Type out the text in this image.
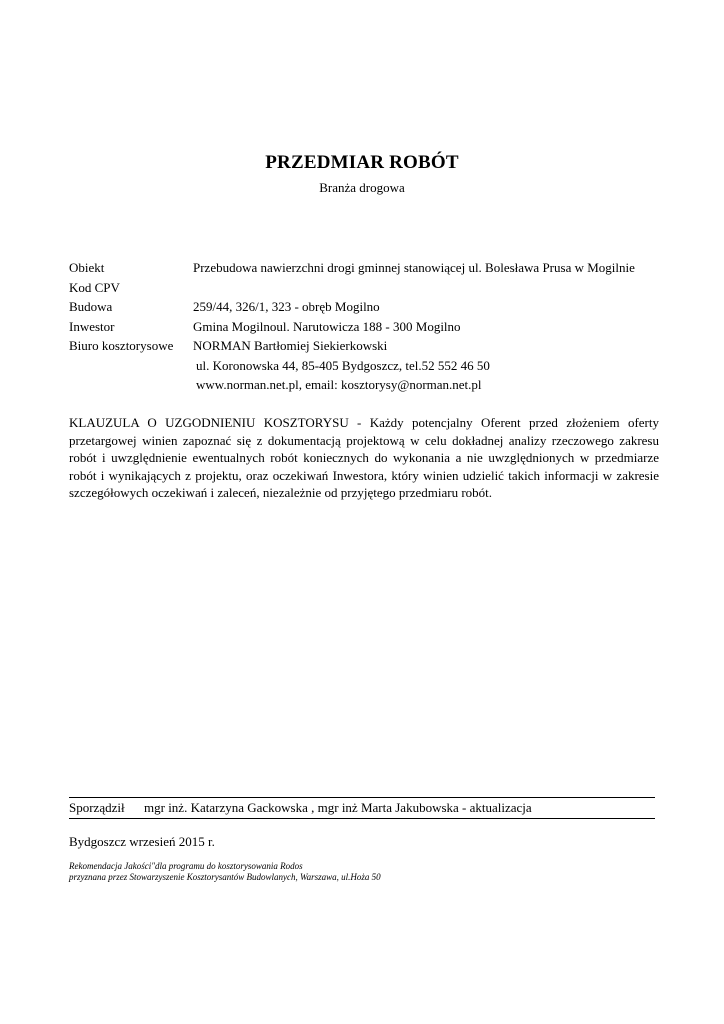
PRZEDMIAR ROBÓT
Branża drogowa
Obiekt	Przebudowa nawierzchni drogi gminnej stanowiącej ul. Bolesława Prusa w Mogilnie
Kod CPV
Budowa	259/44, 326/1, 323 - obręb Mogilno
Inwestor	Gmina Mogilnoul. Narutowicza 188 - 300 Mogilno
Biuro kosztorysowe	NORMAN Bartłomiej Siekierkowski
ul. Koronowska 44, 85-405 Bydgoszcz, tel.52 552 46 50
www.norman.net.pl, email: kosztorysy@norman.net.pl
KLAUZULA O UZGODNIENIU KOSZTORYSU - Każdy potencjalny Oferent przed złożeniem oferty przetargowej winien zapoznać się z dokumentacją projektową w celu dokładnej analizy rzeczowego zakresu robót i uwzględnienie ewentualnych robót koniecznych do wykonania a nie uwzględnionych w przedmiarze robót i wynikających z projektu, oraz oczekiwań Inwestora, który winien udzielić takich informacji w zakresie szczegółowych oczekiwań i zaleceń, niezależnie od przyjętego przedmiaru robót.
Sporządził mgr inż. Katarzyna Gackowska , mgr inż Marta Jakubowska - aktualizacja
Bydgoszcz wrzesień 2015 r.
Rekomendacja Jakości"dla programu do kosztorysowania Rodos
przyznana przez Stowarzyszenie Kosztorysantów Budowlanych, Warszawa, ul.Hoża 50
